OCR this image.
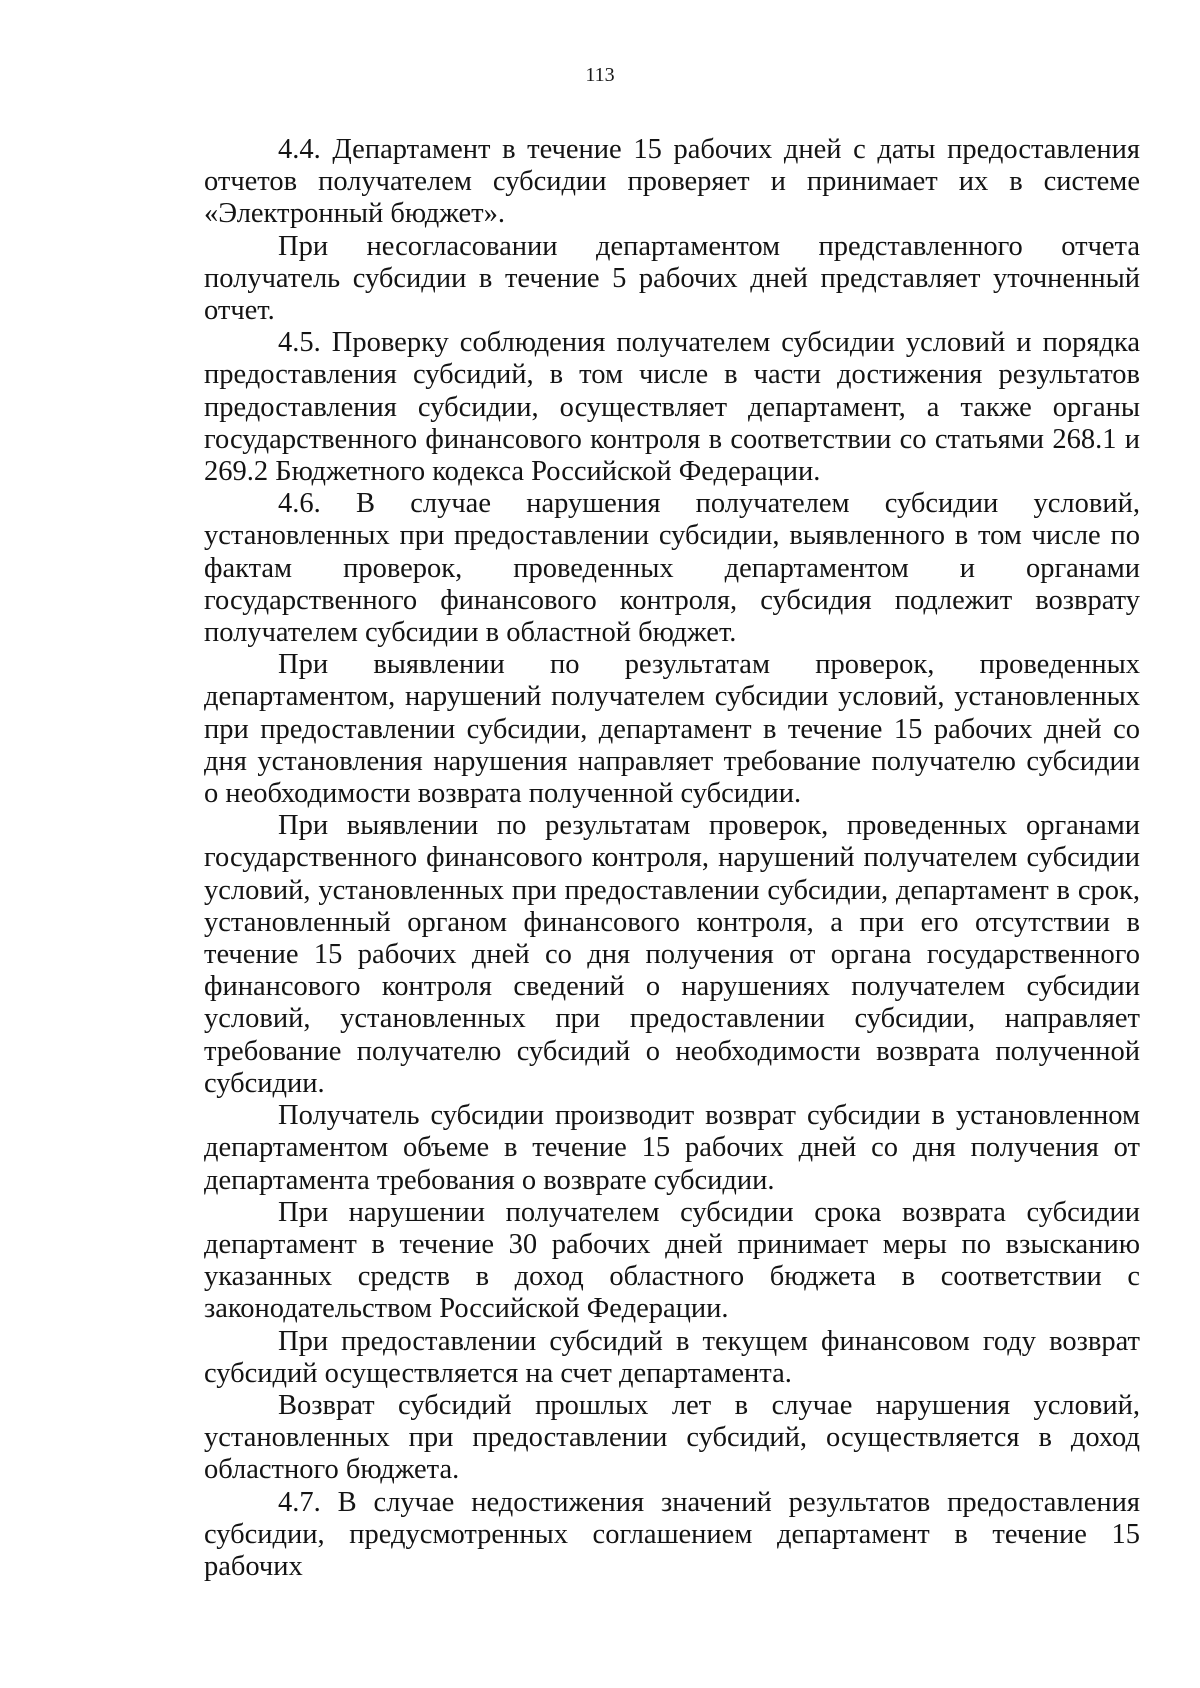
113

4.4. Департамент в течение 15 рабочих дней с даты предоставления отчетов получателем субсидии проверяет и принимает их в системе «Электронный бюджет».

При несогласовании департаментом представленного отчета получатель субсидии в течение 5 рабочих дней представляет уточненный отчет.

4.5. Проверку соблюдения получателем субсидии условий и порядка предоставления субсидий, в том числе в части достижения результатов предоставления субсидии, осуществляет департамент, а также органы государственного финансового контроля в соответствии со статьями 268.1 и 269.2 Бюджетного кодекса Российской Федерации.

4.6. В случае нарушения получателем субсидии условий, установленных при предоставлении субсидии, выявленного в том числе по фактам проверок, проведенных департаментом и органами государственного финансового контроля, субсидия подлежит возврату получателем субсидии в областной бюджет.

При выявлении по результатам проверок, проведенных департаментом, нарушений получателем субсидии условий, установленных при предоставлении субсидии, департамент в течение 15 рабочих дней со дня установления нарушения направляет требование получателю субсидии о необходимости возврата полученной субсидии.

При выявлении по результатам проверок, проведенных органами государственного финансового контроля, нарушений получателем субсидии условий, установленных при предоставлении субсидии, департамент в срок, установленный органом финансового контроля, а при его отсутствии в течение 15 рабочих дней со дня получения от органа государственного финансового контроля сведений о нарушениях получателем субсидии условий, установленных при предоставлении субсидии, направляет требование получателю субсидий о необходимости возврата полученной субсидии.

Получатель субсидии производит возврат субсидии в установленном департаментом объеме в течение 15 рабочих дней со дня получения от департамента требования о возврате субсидии.

При нарушении получателем субсидии срока возврата субсидии департамент в течение 30 рабочих дней принимает меры по взысканию указанных средств в доход областного бюджета в соответствии с законодательством Российской Федерации.

При предоставлении субсидий в текущем финансовом году возврат субсидий осуществляется на счет департамента.

Возврат субсидий прошлых лет в случае нарушения условий, установленных при предоставлении субсидий, осуществляется в доход областного бюджета.

4.7. В случае недостижения значений результатов предоставления субсидии, предусмотренных соглашением департамент в течение 15 рабочих
